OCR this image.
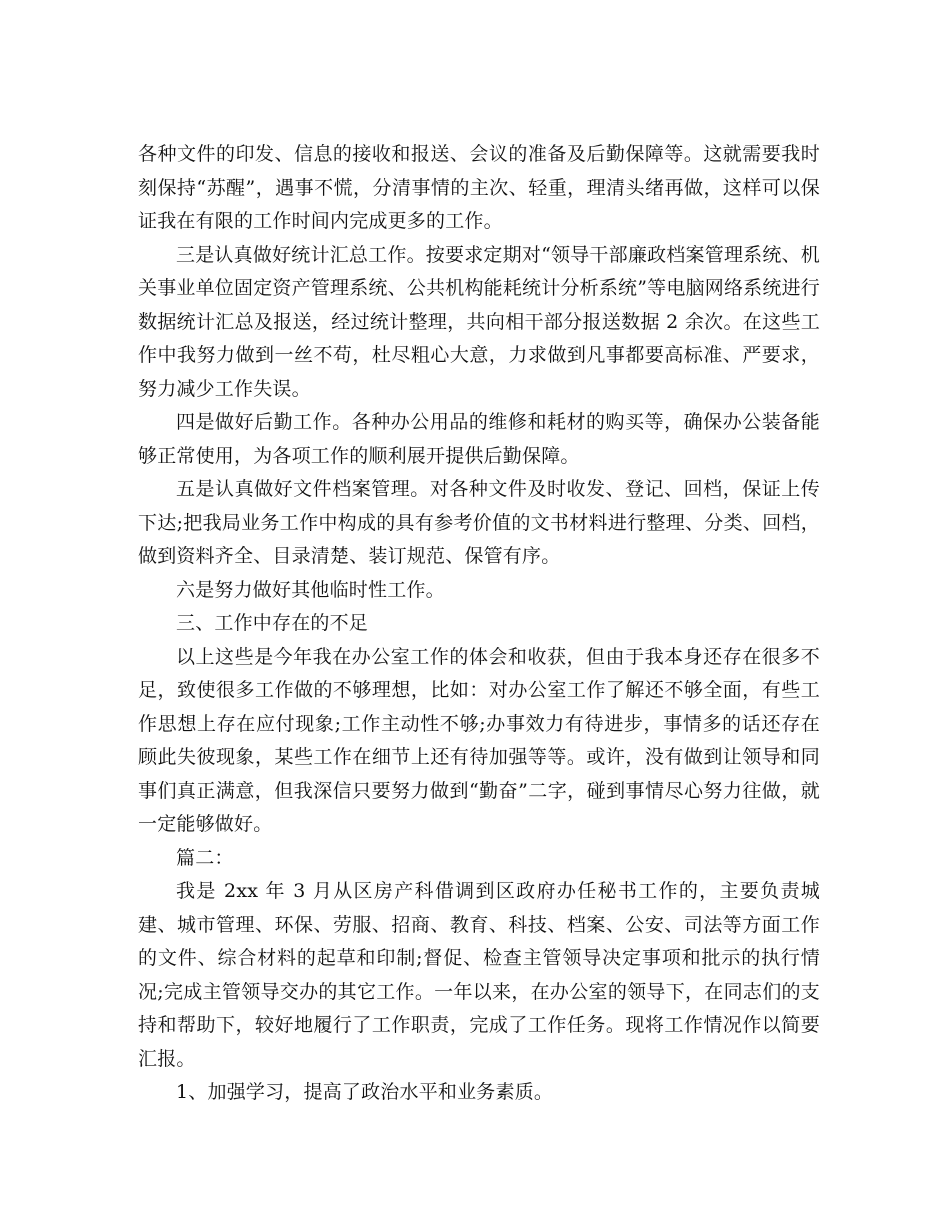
各种文件的印发、信息的接收和报送、会议的准备及后勤保障等。这就需要我时刻保持“苏醒”，遇事不慌，分清事情的主次、轻重，理清头绪再做，这样可以保证我在有限的工作时间内完成更多的工作。

三是认真做好统计汇总工作。按要求定期对“领导干部廉政档案管理系统、机关事业单位固定资产管理系统、公共机构能耗统计分析系统”等电脑网络系统进行数据统计汇总及报送，经过统计整理，共向相干部分报送数据 2 余次。在这些工作中我努力做到一丝不苟，杜尽粗心大意，力求做到凡事都要高标准、严要求，努力减少工作失误。

四是做好后勤工作。各种办公用品的维修和耗材的购买等，确保办公装备能够正常使用，为各项工作的顺利展开提供后勤保障。

五是认真做好文件档案管理。对各种文件及时收发、登记、回档，保证上传下达;把我局业务工作中构成的具有参考价值的文书材料进行整理、分类、回档，做到资料齐全、目录清楚、装订规范、保管有序。

六是努力做好其他临时性工作。

三、工作中存在的不足

以上这些是今年我在办公室工作的体会和收获，但由于我本身还存在很多不足，致使很多工作做的不够理想，比如：对办公室工作了解还不够全面，有些工作思想上存在应付现象;工作主动性不够;办事效力有待进步，事情多的话还存在顾此失彼现象，某些工作在细节上还有待加强等等。或许，没有做到让领导和同事们真正满意，但我深信只要努力做到“勤奋”二字，碰到事情尽心努力往做，就一定能够做好。

篇二：

我是 2xx 年 3 月从区房产科借调到区政府办任秘书工作的，主要负责城建、城市管理、环保、劳服、招商、教育、科技、档案、公安、司法等方面工作的文件、综合材料的起草和印制;督促、检查主管领导决定事项和批示的执行情况;完成主管领导交办的其它工作。一年以来，在办公室的领导下，在同志们的支持和帮助下，较好地履行了工作职责，完成了工作任务。现将工作情况作以简要汇报。

1、加强学习，提高了政治水平和业务素质。
